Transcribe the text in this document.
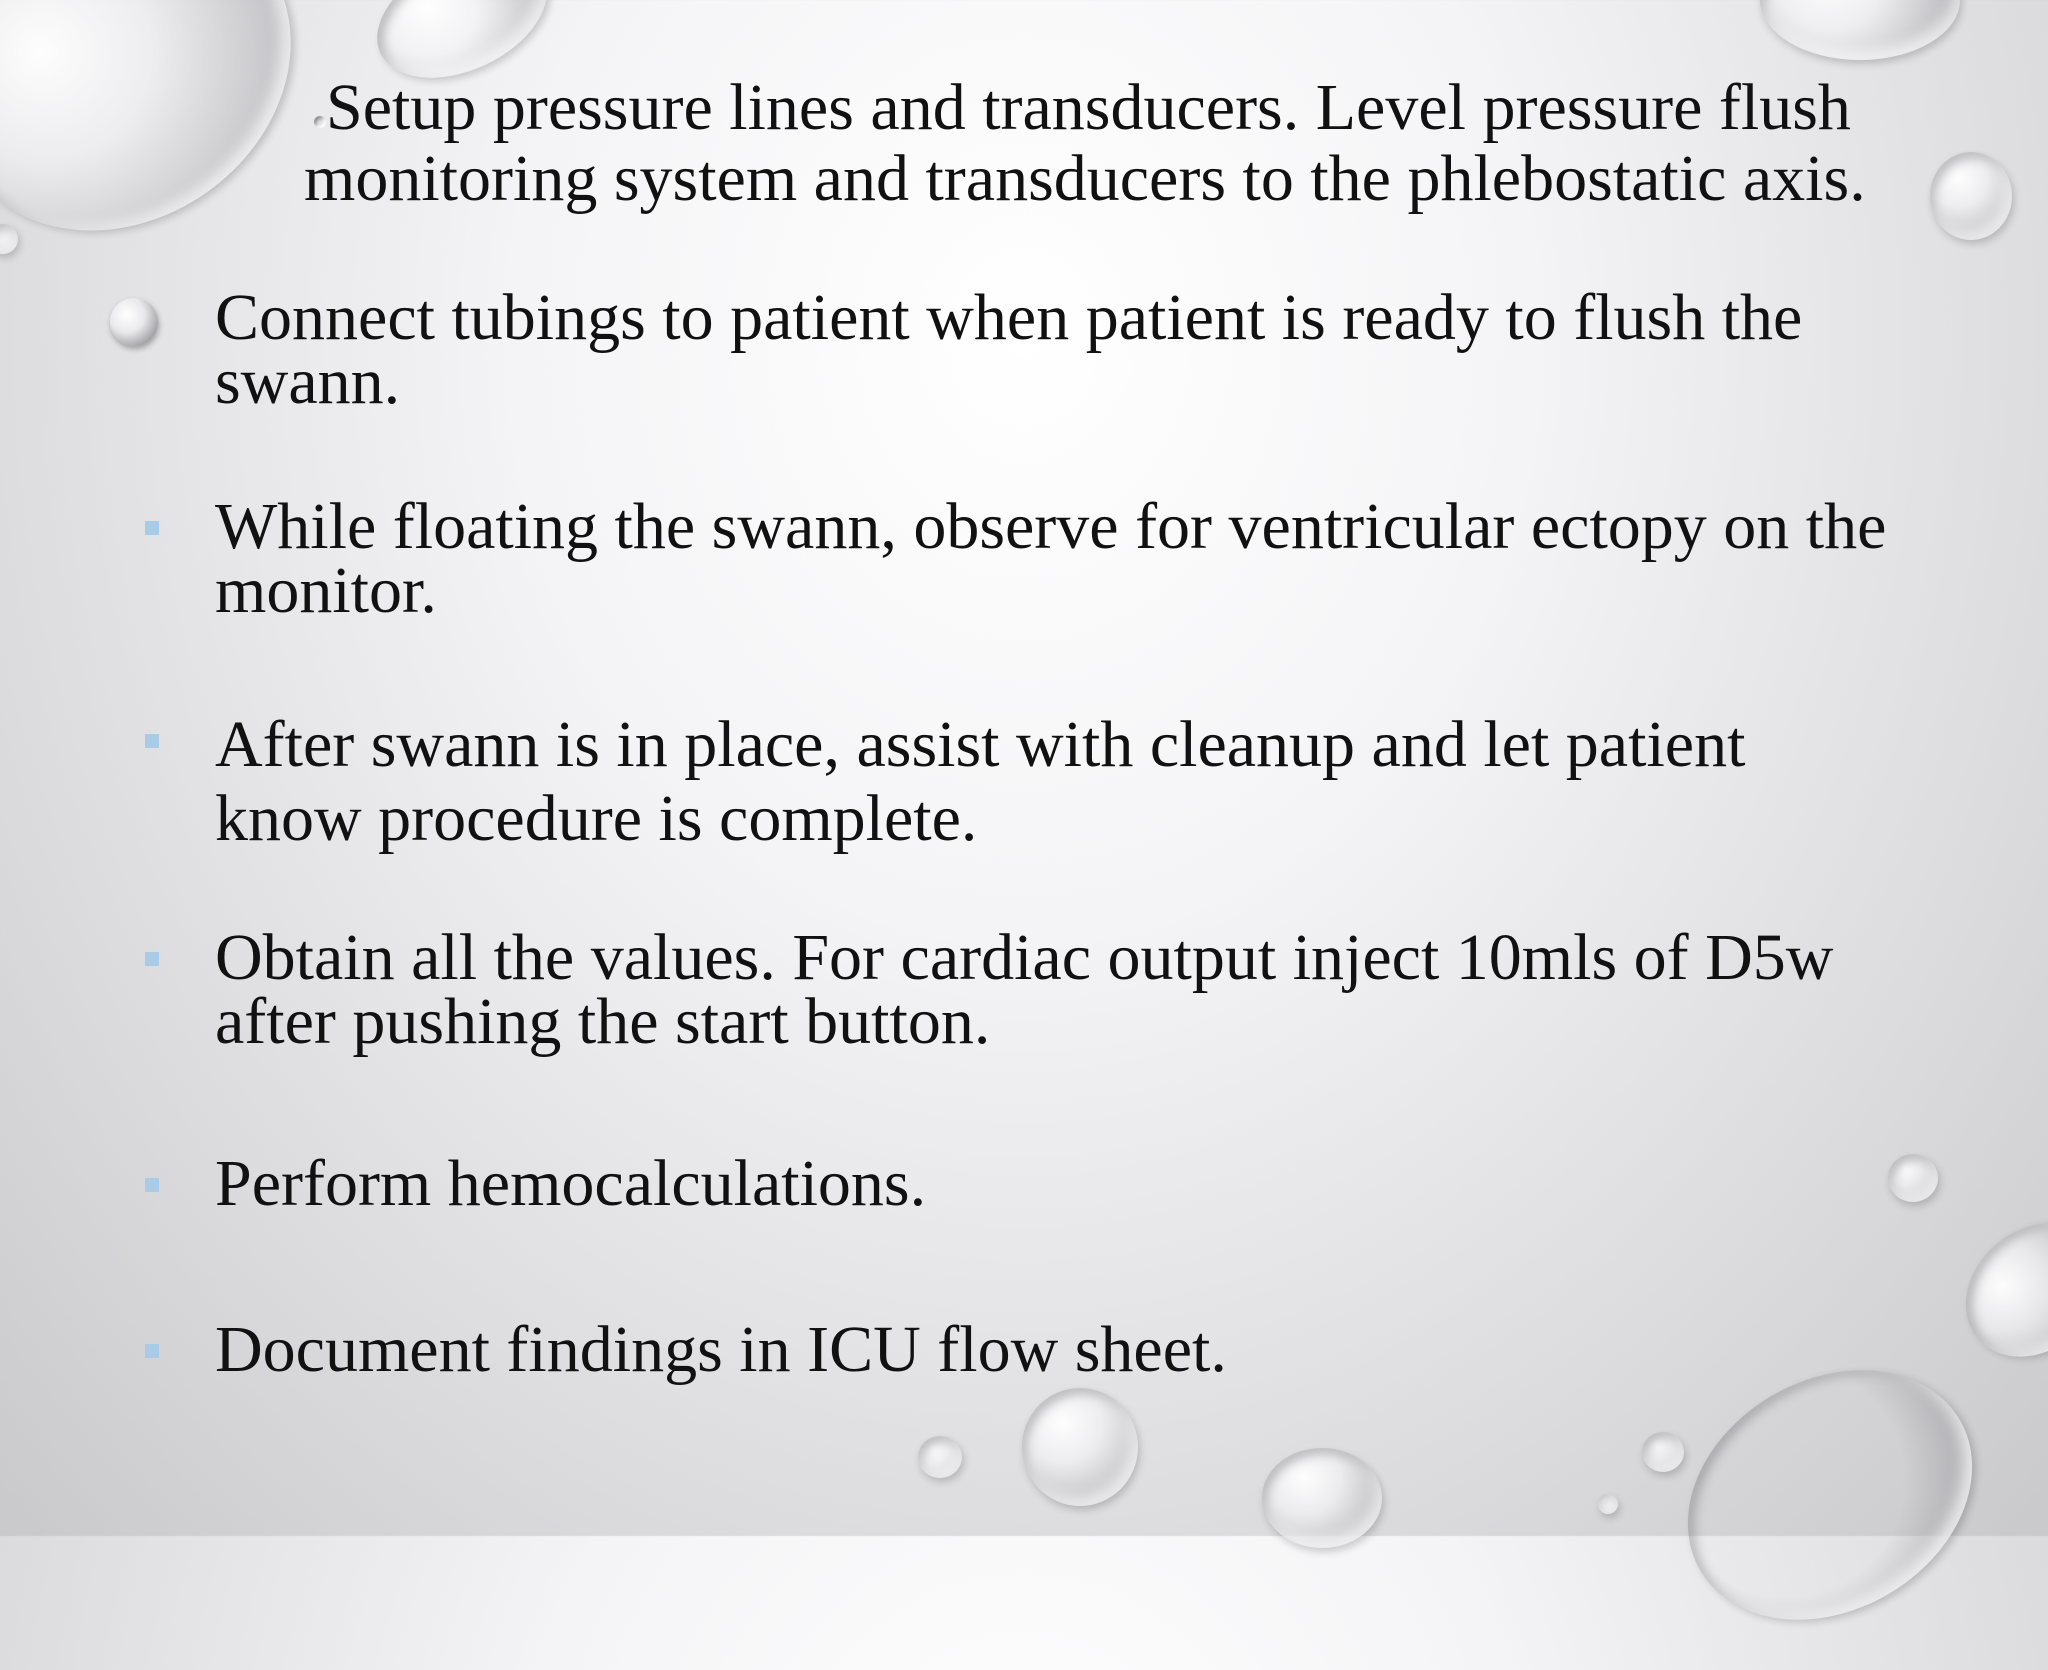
Setup pressure lines and transducers. Level pressure flush
monitoring system and transducers to the phlebostatic axis.
Connect tubings to patient when patient is ready to flush the swann.
While floating the swann, observe for ventricular ectopy on the monitor.
After swann is in place, assist with cleanup and let patient know procedure is complete.
Obtain all the values. For cardiac output inject 10mls of D5w after pushing the start button.
Perform hemocalculations.
Document findings in ICU flow sheet.
